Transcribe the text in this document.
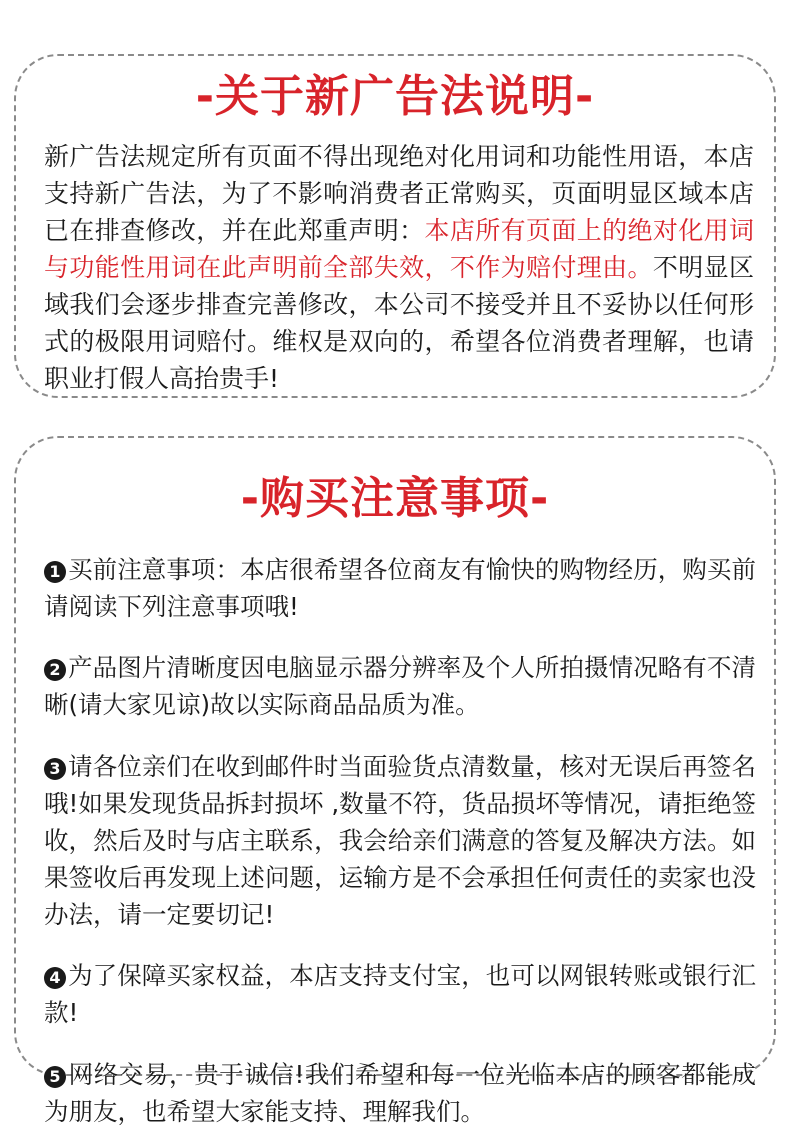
-关于新广告法说明-

新广告法规定所有页面不得出现绝对化用词和功能性用语，本店支持新广告法，为了不影响消费者正常购买，页面明显区域本店已在排查修改，并在此郑重声明：本店所有页面上的绝对化用词与功能性用词在此声明前全部失效，不作为赔付理由。不明显区域我们会逐步排查完善修改，本公司不接受并且不妥协以任何形式的极限用词赔付。维权是双向的，希望各位消费者理解，也请职业打假人高抬贵手!

-购买注意事项-

1 买前注意事项：本店很希望各位商友有愉快的购物经历，购买前请阅读下列注意事项哦!

2 产品图片清晰度因电脑显示器分辨率及个人所拍摄情况略有不清晰(请大家见谅)故以实际商品品质为准。

3 请各位亲们在收到邮件时当面验货点清数量，核对无误后再签名哦!如果发现货品拆封损坏 ,数量不符，货品损坏等情况，请拒绝签收，然后及时与店主联系，我会给亲们满意的答复及解决方法。如果签收后再发现上述问题，运输方是不会承担任何责任的卖家也没办法，请一定要切记!

4 为了保障买家权益，本店支持支付宝，也可以网银转账或银行汇款!

5 网络交易，贵于诚信!我们希望和每一位光临本店的顾客都能成为朋友，也希望大家能支持、理解我们。
